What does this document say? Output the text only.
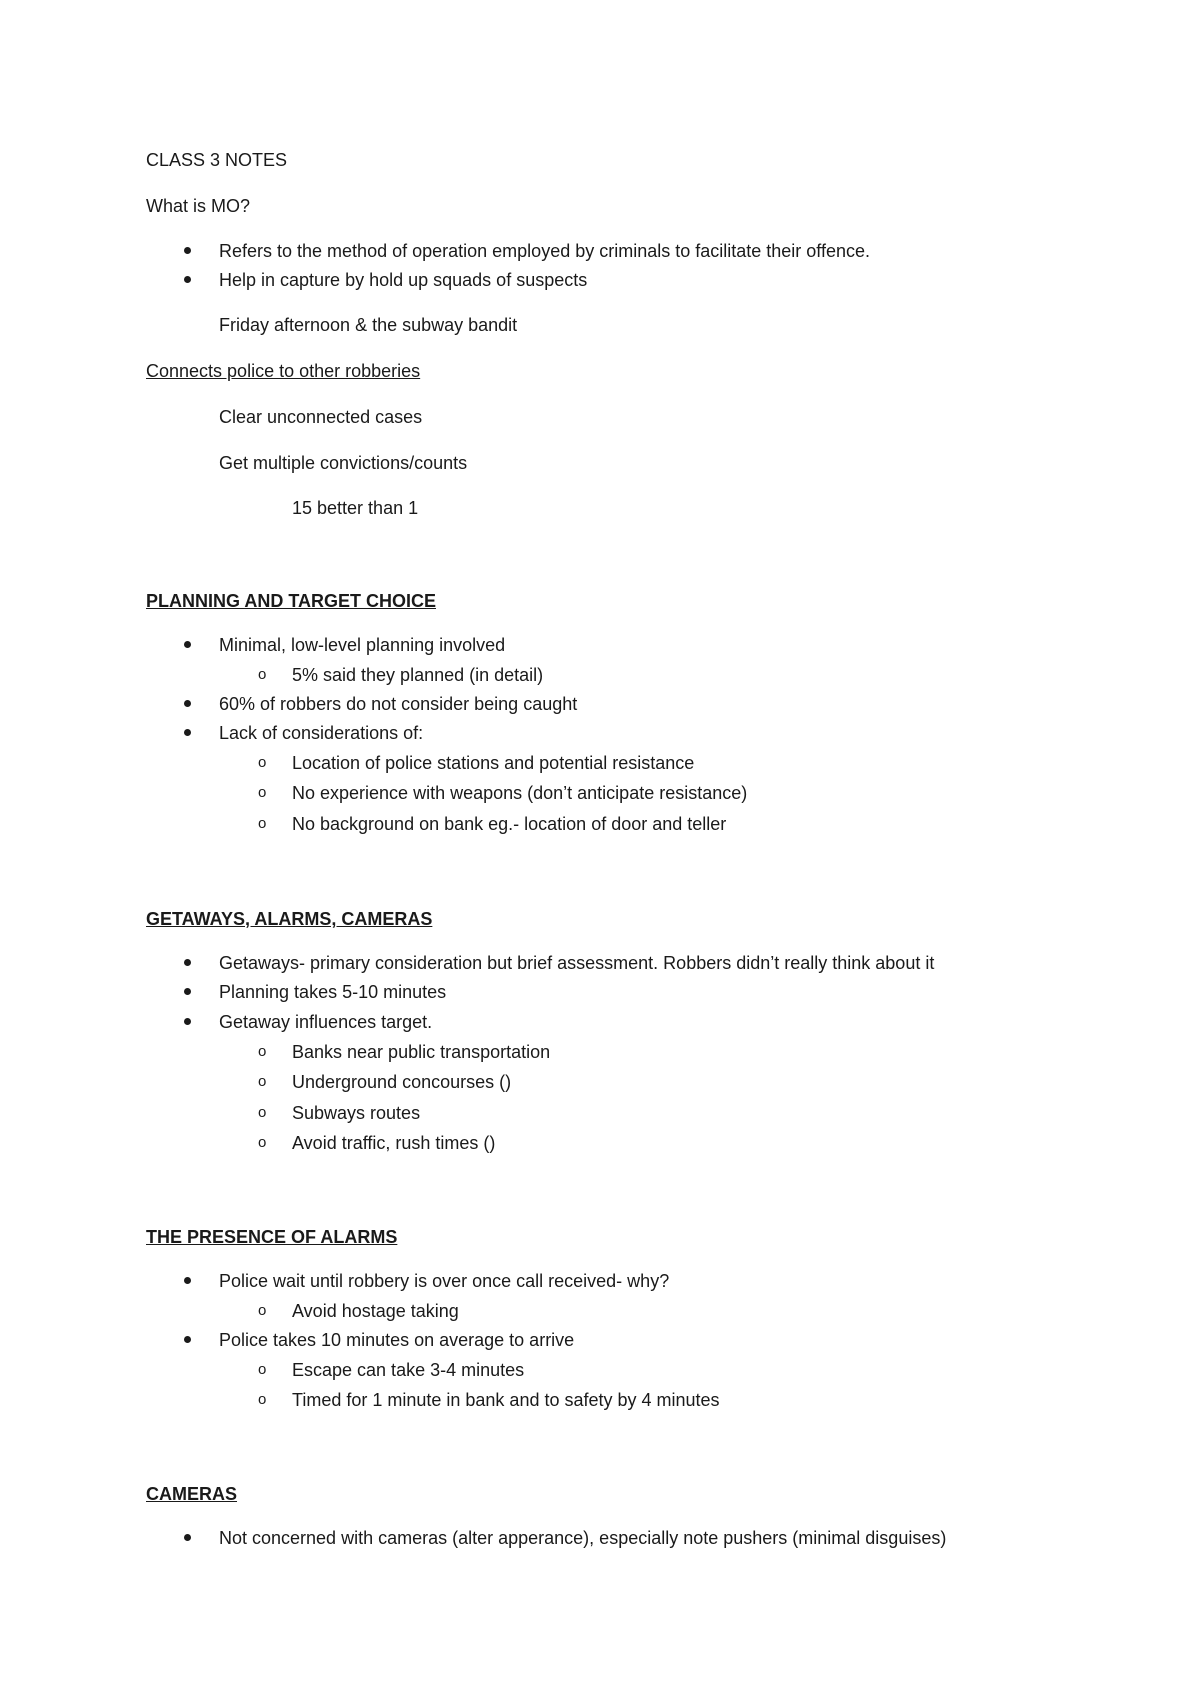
CLASS 3 NOTES
What is MO?
Refers to the method of operation employed by criminals to facilitate their offence.
Help in capture by hold up squads of suspects
Friday afternoon & the subway bandit
Connects police to other robberies
Clear unconnected cases
Get multiple convictions/counts
15 better than 1
PLANNING AND TARGET CHOICE
Minimal, low-level planning involved
o 5% said they planned (in detail)
60% of robbers do not consider being caught
Lack of considerations of:
o Location of police stations and potential resistance
o No experience with weapons (don’t anticipate resistance)
o No background on bank eg.- location of door and teller
GETAWAYS, ALARMS, CAMERAS
Getaways- primary consideration but brief assessment. Robbers didn’t really think about it
Planning takes 5-10 minutes
Getaway influences target.
o Banks near public transportation
o Underground concourses ()
o Subways routes
o Avoid traffic, rush times ()
THE PRESENCE OF ALARMS
Police wait until robbery is over once call received- why?
o Avoid hostage taking
Police takes 10 minutes on average to arrive
o Escape can take 3-4 minutes
o Timed for 1 minute in bank and to safety by 4 minutes
CAMERAS
Not concerned with cameras (alter apperance), especially note pushers (minimal disguises)
